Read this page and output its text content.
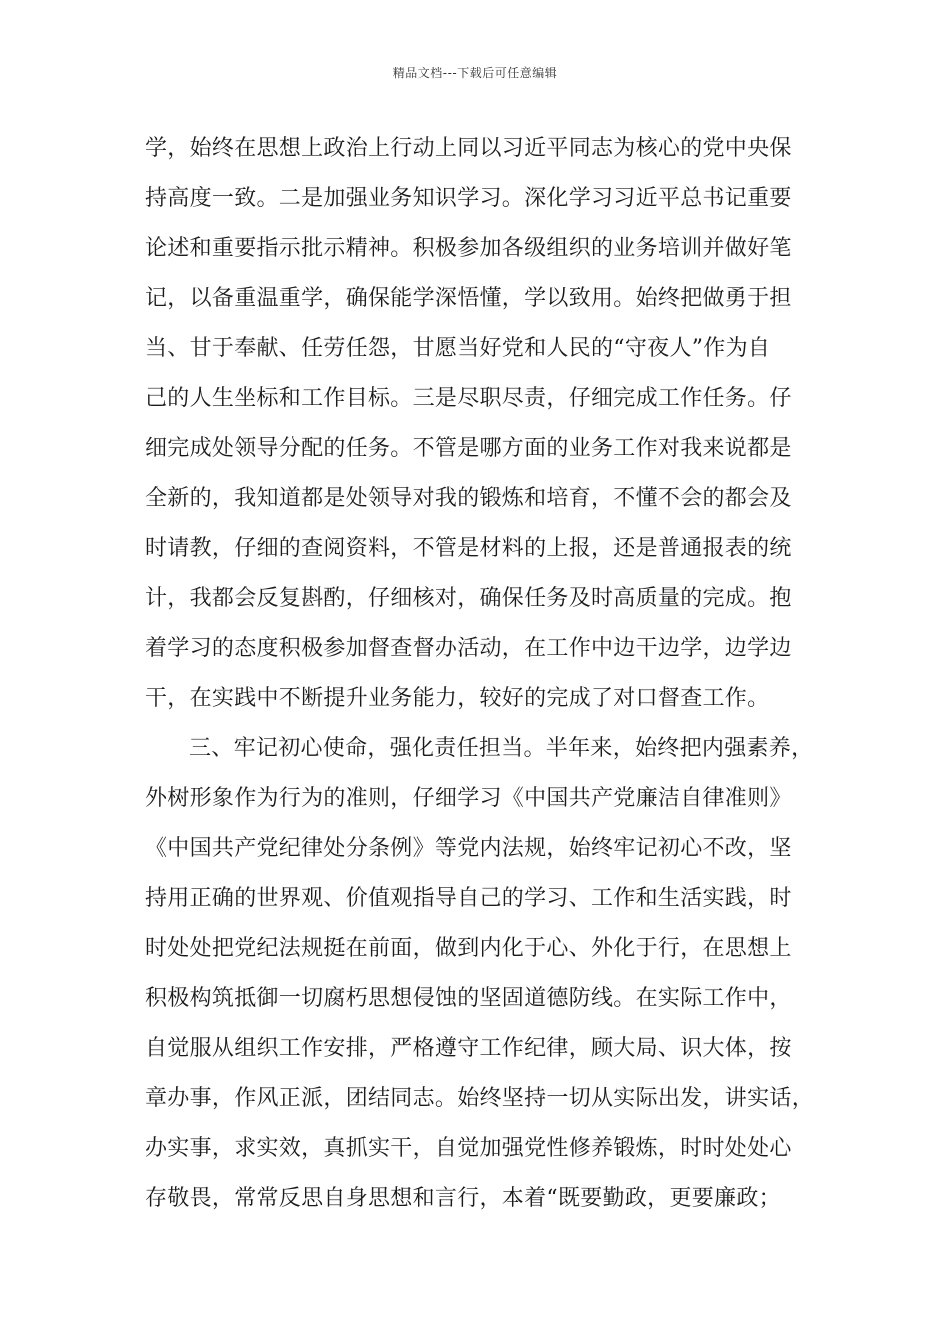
精品文档---下载后可任意编辑
学，始终在思想上政治上行动上同以习近平同志为核心的党中央保
持高度一致。二是加强业务知识学习。深化学习习近平总书记重要
论述和重要指示批示精神。积极参加各级组织的业务培训并做好笔
记，以备重温重学，确保能学深悟懂，学以致用。始终把做勇于担
当、甘于奉献、任劳任怨，甘愿当好党和人民的“守夜人”作为自
己的人生坐标和工作目标。三是尽职尽责，仔细完成工作任务。仔
细完成处领导分配的任务。不管是哪方面的业务工作对我来说都是
全新的，我知道都是处领导对我的锻炼和培育，不懂不会的都会及
时请教，仔细的查阅资料，不管是材料的上报，还是普通报表的统
计，我都会反复斟酌，仔细核对，确保任务及时高质量的完成。抱
着学习的态度积极参加督查督办活动，在工作中边干边学，边学边
干，在实践中不断提升业务能力，较好的完成了对口督查工作。
三、牢记初心使命，强化责任担当。半年来，始终把内强素养，
外树形象作为行为的准则，仔细学习《中国共产党廉洁自律准则》
《中国共产党纪律处分条例》等党内法规，始终牢记初心不改，坚
持用正确的世界观、价值观指导自己的学习、工作和生活实践，时
时处处把党纪法规挺在前面，做到内化于心、外化于行，在思想上
积极构筑抵御一切腐朽思想侵蚀的坚固道德防线。在实际工作中，
自觉服从组织工作安排，严格遵守工作纪律，顾大局、识大体，按
章办事，作风正派，团结同志。始终坚持一切从实际出发，讲实话，
办实事，求实效，真抓实干，自觉加强党性修养锻炼，时时处处心
存敬畏，常常反思自身思想和言行，本着“既要勤政，更要廉政；
